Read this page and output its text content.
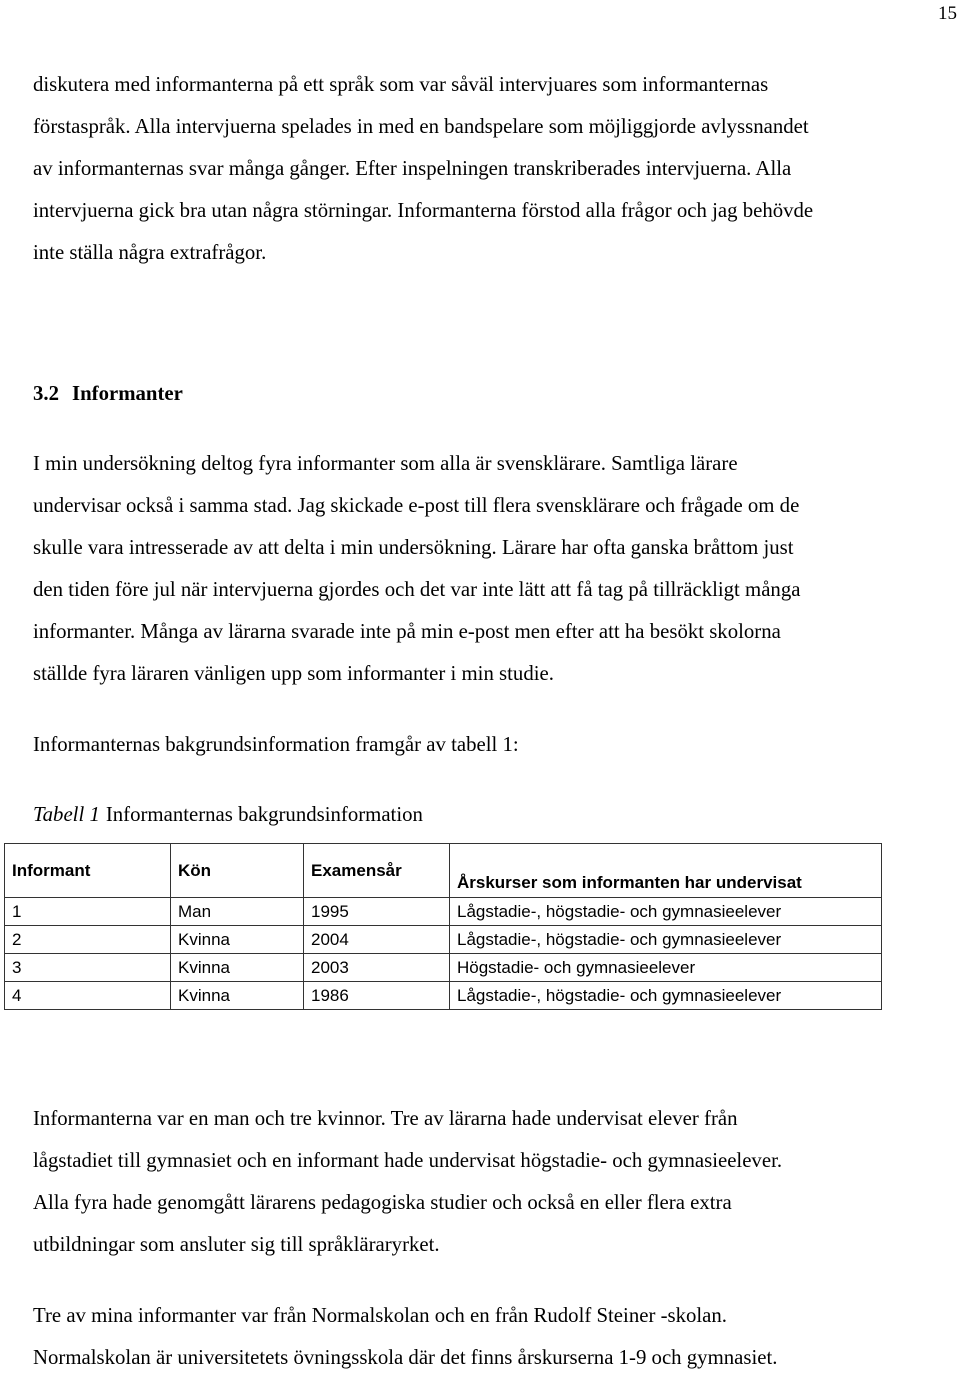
15
diskutera med informanterna på ett språk som var såväl intervjuares som informanternas
förstaspråk. Alla intervjuerna spelades in med en bandspelare som möjliggjorde avlyssnandet
av informanternas svar många gånger. Efter inspelningen transkriberades intervjuerna. Alla
intervjuerna gick bra utan några störningar. Informanterna förstod alla frågor och jag behövde
inte ställa några extrafrågor.
3.2 Informanter
I min undersökning deltog fyra informanter som alla är svensklärare. Samtliga lärare
undervisar också i samma stad. Jag skickade e-post till flera svensklärare och frågade om de
skulle vara intresserade av att delta i min undersökning. Lärare har ofta ganska bråttom just
den tiden före jul när intervjuerna gjordes och det var inte lätt att få tag på tillräckligt många
informanter. Många av lärarna svarade inte på min e-post men efter att ha besökt skolorna
ställde fyra läraren vänligen upp som informanter i min studie.
Informanternas bakgrundsinformation framgår av tabell 1:
Tabell 1 Informanternas bakgrundsinformation
Informant	Kön	Examensår	Årskurser som informanten har undervisat
1	Man	1995	Lågstadie-, högstadie- och gymnasieelever
2	Kvinna	2004	Lågstadie-, högstadie- och gymnasieelever
3	Kvinna	2003	Högstadie- och gymnasieelever
4	Kvinna	1986	Lågstadie-, högstadie- och gymnasieelever
Informanterna var en man och tre kvinnor. Tre av lärarna hade undervisat elever från
lågstadiet till gymnasiet och en informant hade undervisat högstadie- och gymnasieelever.
Alla fyra hade genomgått lärarens pedagogiska studier och också en eller flera extra
utbildningar som ansluter sig till språkläraryrket.
Tre av mina informanter var från Normalskolan och en från Rudolf Steiner -skolan.
Normalskolan är universitetets övningsskola där det finns årskurserna 1-9 och gymnasiet.
